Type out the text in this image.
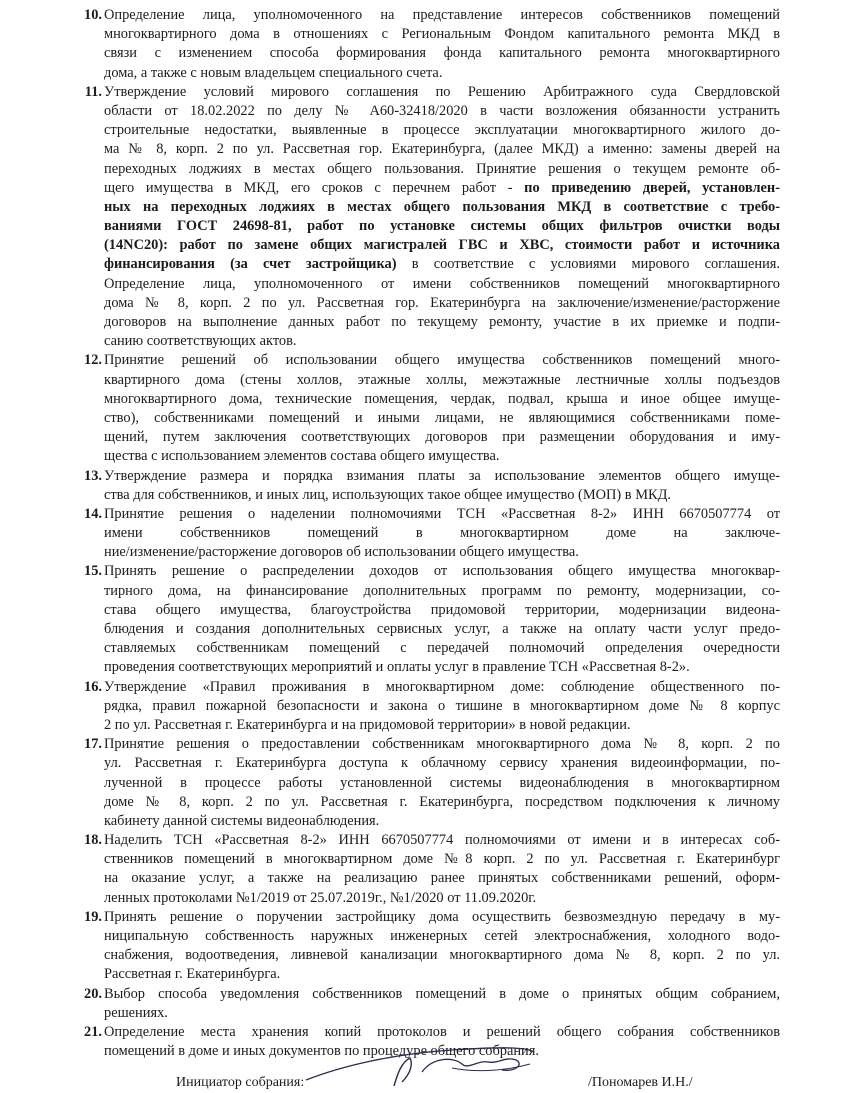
10. Определение лица, уполномоченного на представление интересов собственников помещений
многоквартирного дома в отношениях с Региональным Фондом капитального ремонта МКД в
связи с изменением способа формирования фонда капитального ремонта многоквартирного
дома, а также с новым владельцем специального счета.
11. Утверждение условий мирового соглашения по Решению Арбитражного суда Свердловской
области от 18.02.2022 по делу № А60-32418/2020 в части возложения обязанности устранить
строительные недостатки, выявленные в процессе эксплуатации многоквартирного жилого до-
ма № 8, корп. 2 по ул. Рассветная гор. Екатеринбурга, (далее МКД) а именно: замены дверей на
переходных лоджиях в местах общего пользования. Принятие решения о текущем ремонте об-
щего имущества в МКД, его сроков с перечнем работ - по приведению дверей, установлен-
ных на переходных лоджиях в местах общего пользования МКД в соответствие с требо-
ваниями ГОСТ 24698-81, работ по установке системы общих фильтров очистки воды
(14NC20): работ по замене общих магистралей ГВС и ХВС, стоимости работ и источника
финансирования (за счет застройщика) в соответствие с условиями мирового соглашения.
Определение лица, уполномоченного от имени собственников помещений многоквартирного
дома № 8, корп. 2 по ул. Рассветная гор. Екатеринбурга на заключение/изменение/расторжение
договоров на выполнение данных работ по текущему ремонту, участие в их приемке и подпи-
санию соответствующих актов.
12. Принятие решений об использовании общего имущества собственников помещений много-
квартирного дома (стены холлов, этажные холлы, межэтажные лестничные холлы подъездов
многоквартирного дома, технические помещения, чердак, подвал, крыша и иное общее имуще-
ство), собственниками помещений и иными лицами, не являющимися собственниками поме-
щений, путем заключения соответствующих договоров при размещении оборудования и иму-
щества с использованием элементов состава общего имущества.
13. Утверждение размера и порядка взимания платы за использование элементов общего имуще-
ства для собственников, и иных лиц, использующих такое общее имущество (МОП) в МКД.
14. Принятие решения о наделении полномочиями ТСН «Рассветная 8-2» ИНН 6670507774 от
имени собственников помещений в многоквартирном доме на заключе-
ние/изменение/расторжение договоров об использовании общего имущества.
15. Принять решение о распределении доходов от использования общего имущества многоквар-
тирного дома, на финансирование дополнительных программ по ремонту, модернизации, со-
става общего имущества, благоустройства придомовой территории, модернизации видеона-
блюдения и создания дополнительных сервисных услуг, а также на оплату части услуг предо-
ставляемых собственникам помещений с передачей полномочий определения очередности
проведения соответствующих мероприятий и оплаты услуг в правление ТСН «Рассветная 8-2».
16. Утверждение «Правил проживания в многоквартирном доме: соблюдение общественного по-
рядка, правил пожарной безопасности и закона о тишине в многоквартирном доме № 8 корпус
2 по ул. Рассветная г. Екатеринбурга и на придомовой территории» в новой редакции.
17. Принятие решения о предоставлении собственникам многоквартирного дома № 8, корп. 2 по
ул. Рассветная г. Екатеринбурга доступа к облачному сервису хранения видеоинформации, по-
лученной в процессе работы установленной системы видеонаблюдения в многоквартирном
доме № 8, корп. 2 по ул. Рассветная г. Екатеринбурга, посредством подключения к личному
кабинету данной системы видеонаблюдения.
18. Наделить ТСН «Рассветная 8-2» ИНН 6670507774 полномочиями от имени и в интересах соб-
ственников помещений в многоквартирном доме №8 корп. 2 по ул. Рассветная г. Екатеринбург
на оказание услуг, а также на реализацию ранее принятых собственниками решений, оформ-
ленных протоколами №1/2019 от 25.07.2019г., №1/2020 от 11.09.2020г.
19. Принять решение о поручении застройщику дома осуществить безвозмездную передачу в му-
ниципальную собственность наружных инженерных сетей электроснабжения, холодного водо-
снабжения, водоотведения, ливневой канализации многоквартирного дома № 8, корп. 2 по ул.
Рассветная г. Екатеринбурга.
20. Выбор способа уведомления собственников помещений в доме о принятых общим собранием,
решениях.
21. Определение места хранения копий протоколов и решений общего собрания собственников
помещений в доме и иных документов по процедуре общего собрания.
Инициатор собрания:	/Пономарев И.Н./
